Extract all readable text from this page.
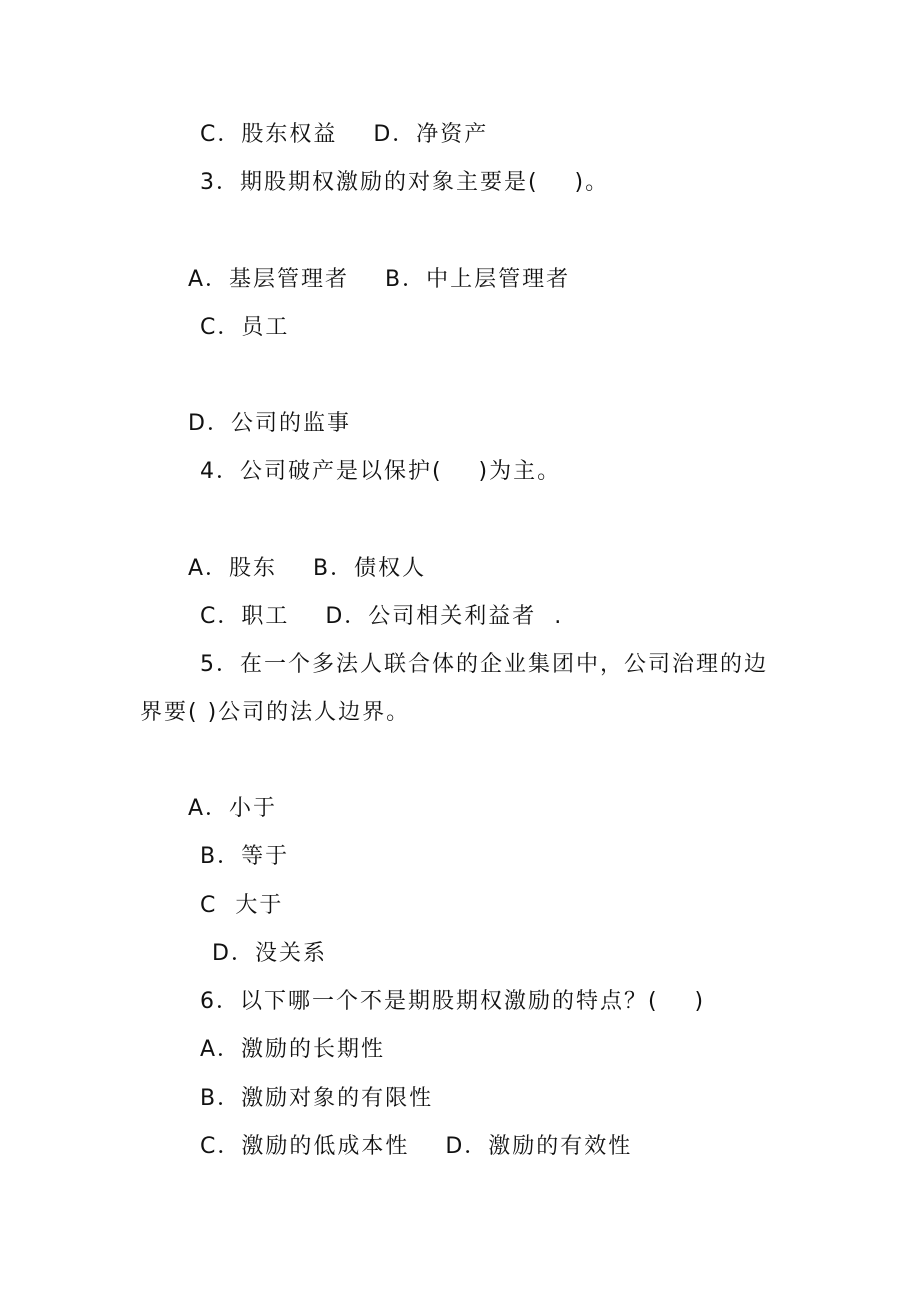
C．股东权益    D．净资产
3．期股期权激励的对象主要是(    )。
A．基层管理者    B．中上层管理者
C．员工
D．公司的监事
4．公司破产是以保护(    )为主。
A．股东    B．债权人
C．职工    D．公司相关利益者  .
5．在一个多法人联合体的企业集团中，公司治理的边
界要( )公司的法人边界。
A．小于
B．等于
C  大于
D．没关系
6．以下哪一个不是期股期权激励的特点？(    )
A．激励的长期性
B．激励对象的有限性
C．激励的低成本性    D．激励的有效性
